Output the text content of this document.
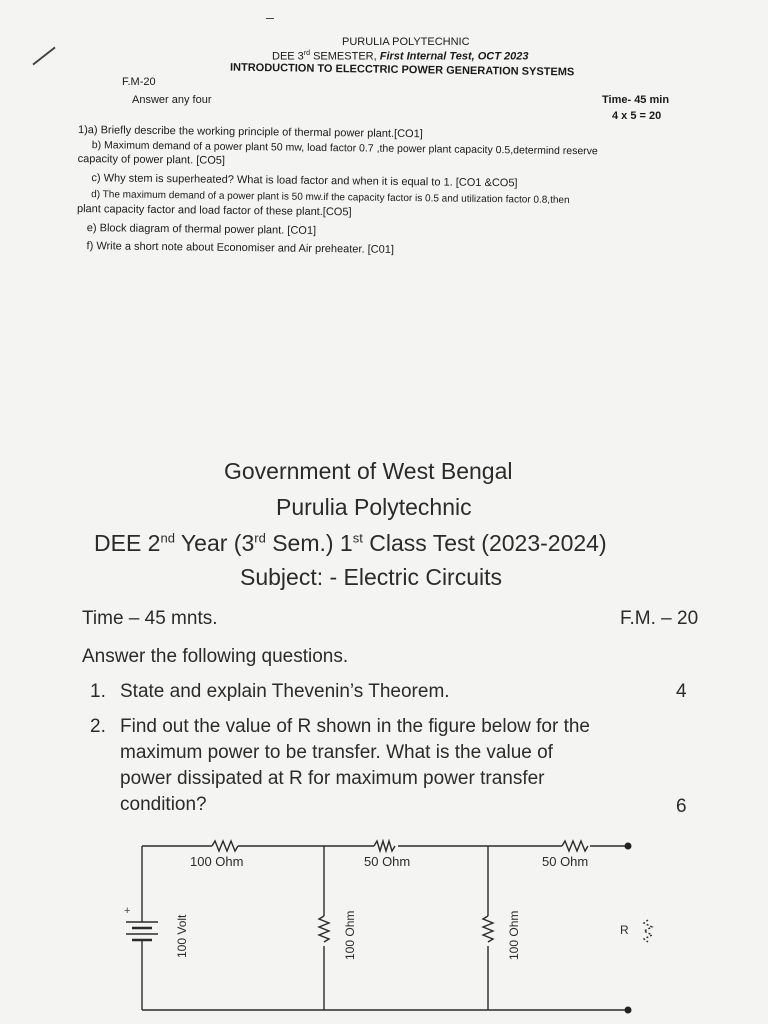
PURULIA POLYTECHNIC
DEE 3rd SEMESTER, First Internal Test, OCT 2023
INTRODUCTION TO ELECCTRIC POWER GENERATION SYSTEMS
F.M-20
Answer any four	Time- 45 min
4 x 5 = 20
1)a) Briefly describe the working principle of thermal power plant.[CO1]
b) Maximum demand of a power plant 50 mw, load factor 0.7 ,the power plant capacity 0.5,determind reserve
capacity of power plant. [CO5]
c) Why stem is superheated? What is load factor and when it is equal to 1. [CO1 &CO5]
d) The maximum demand of a power plant is 50 mw.if the capacity factor is 0.5 and utilization factor 0.8,then
plant capacity factor and load factor of these plant.[CO5]
e) Block diagram of thermal power plant. [CO1]
f) Write a short note about Economiser and Air preheater. [C01]
Government of West Bengal
Purulia Polytechnic
DEE 2nd Year (3rd Sem.) 1st Class Test (2023-2024)
Subject: - Electric Circuits
Time – 45 mnts.	F.M. – 20
Answer the following questions.
1. State and explain Thevenin’s Theorem.	4
2. Find out the value of R shown in the figure below for the
maximum power to be transfer. What is the value of
power dissipated at R for maximum power transfer
condition?	6
+
100 Ohm	50 Ohm	50 Ohm
100 Volt	100 Ohm	100 Ohm	R
